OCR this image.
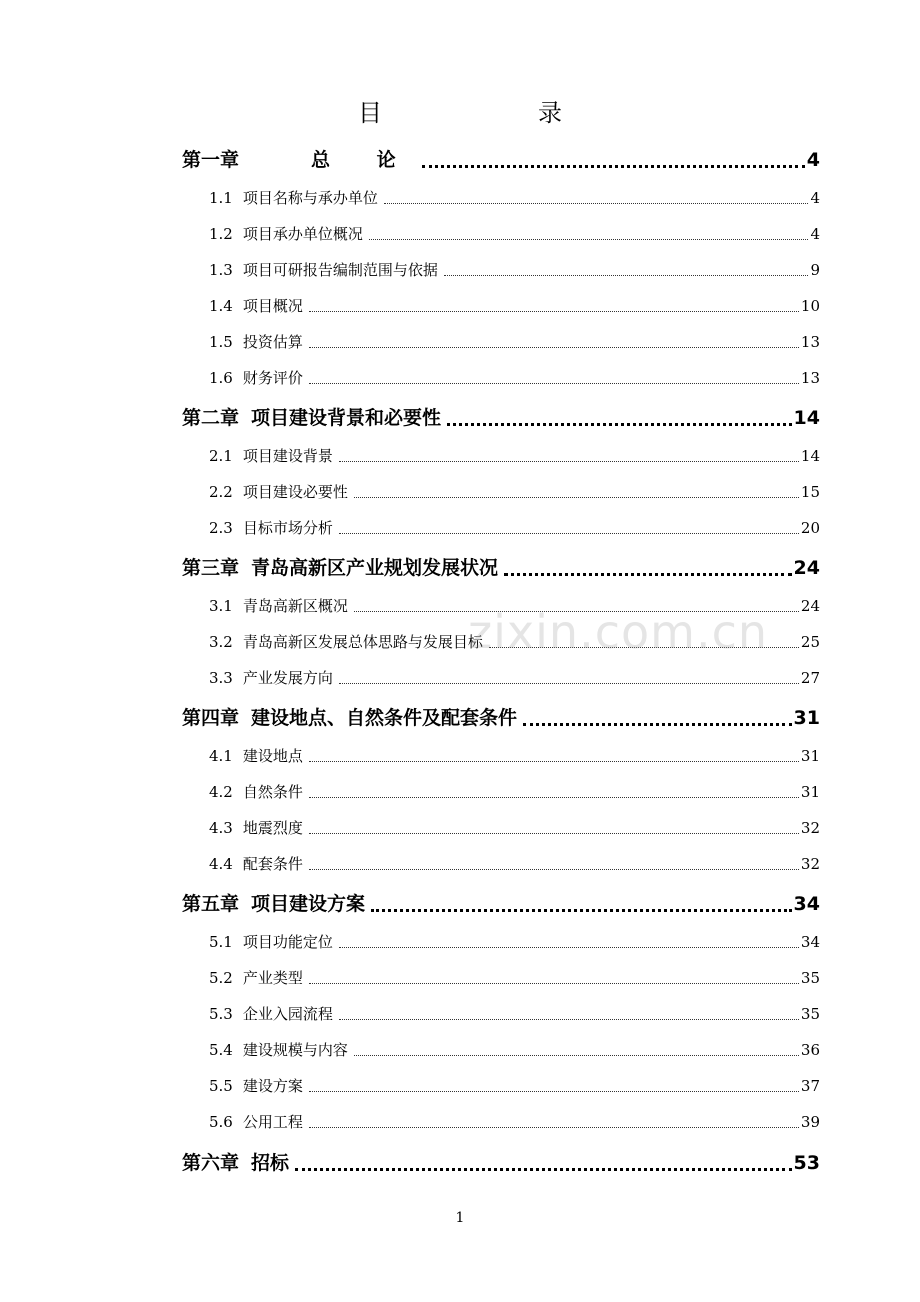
目　　录
第一章	总 论	4
1.1 项目名称与承办单位	4
1.2 项目承办单位概况	4
1.3 项目可研报告编制范围与依据	9
1.4 项目概况	10
1.5 投资估算	13
1.6 财务评价	13
第二章 项目建设背景和必要性	14
2.1 项目建设背景	14
2.2 项目建设必要性	15
2.3 目标市场分析	20
第三章 青岛高新区产业规划发展状况	24
3.1 青岛高新区概况	24
3.2 青岛高新区发展总体思路与发展目标	25
3.3 产业发展方向	27
第四章 建设地点、自然条件及配套条件	31
4.1 建设地点	31
4.2 自然条件	31
4.3 地震烈度	32
4.4 配套条件	32
第五章 项目建设方案	34
5.1 项目功能定位	34
5.2 产业类型	35
5.3 企业入园流程	35
5.4 建设规模与内容	36
5.5 建设方案	37
5.6 公用工程	39
第六章 招标	53
zixin.com.cn
1
